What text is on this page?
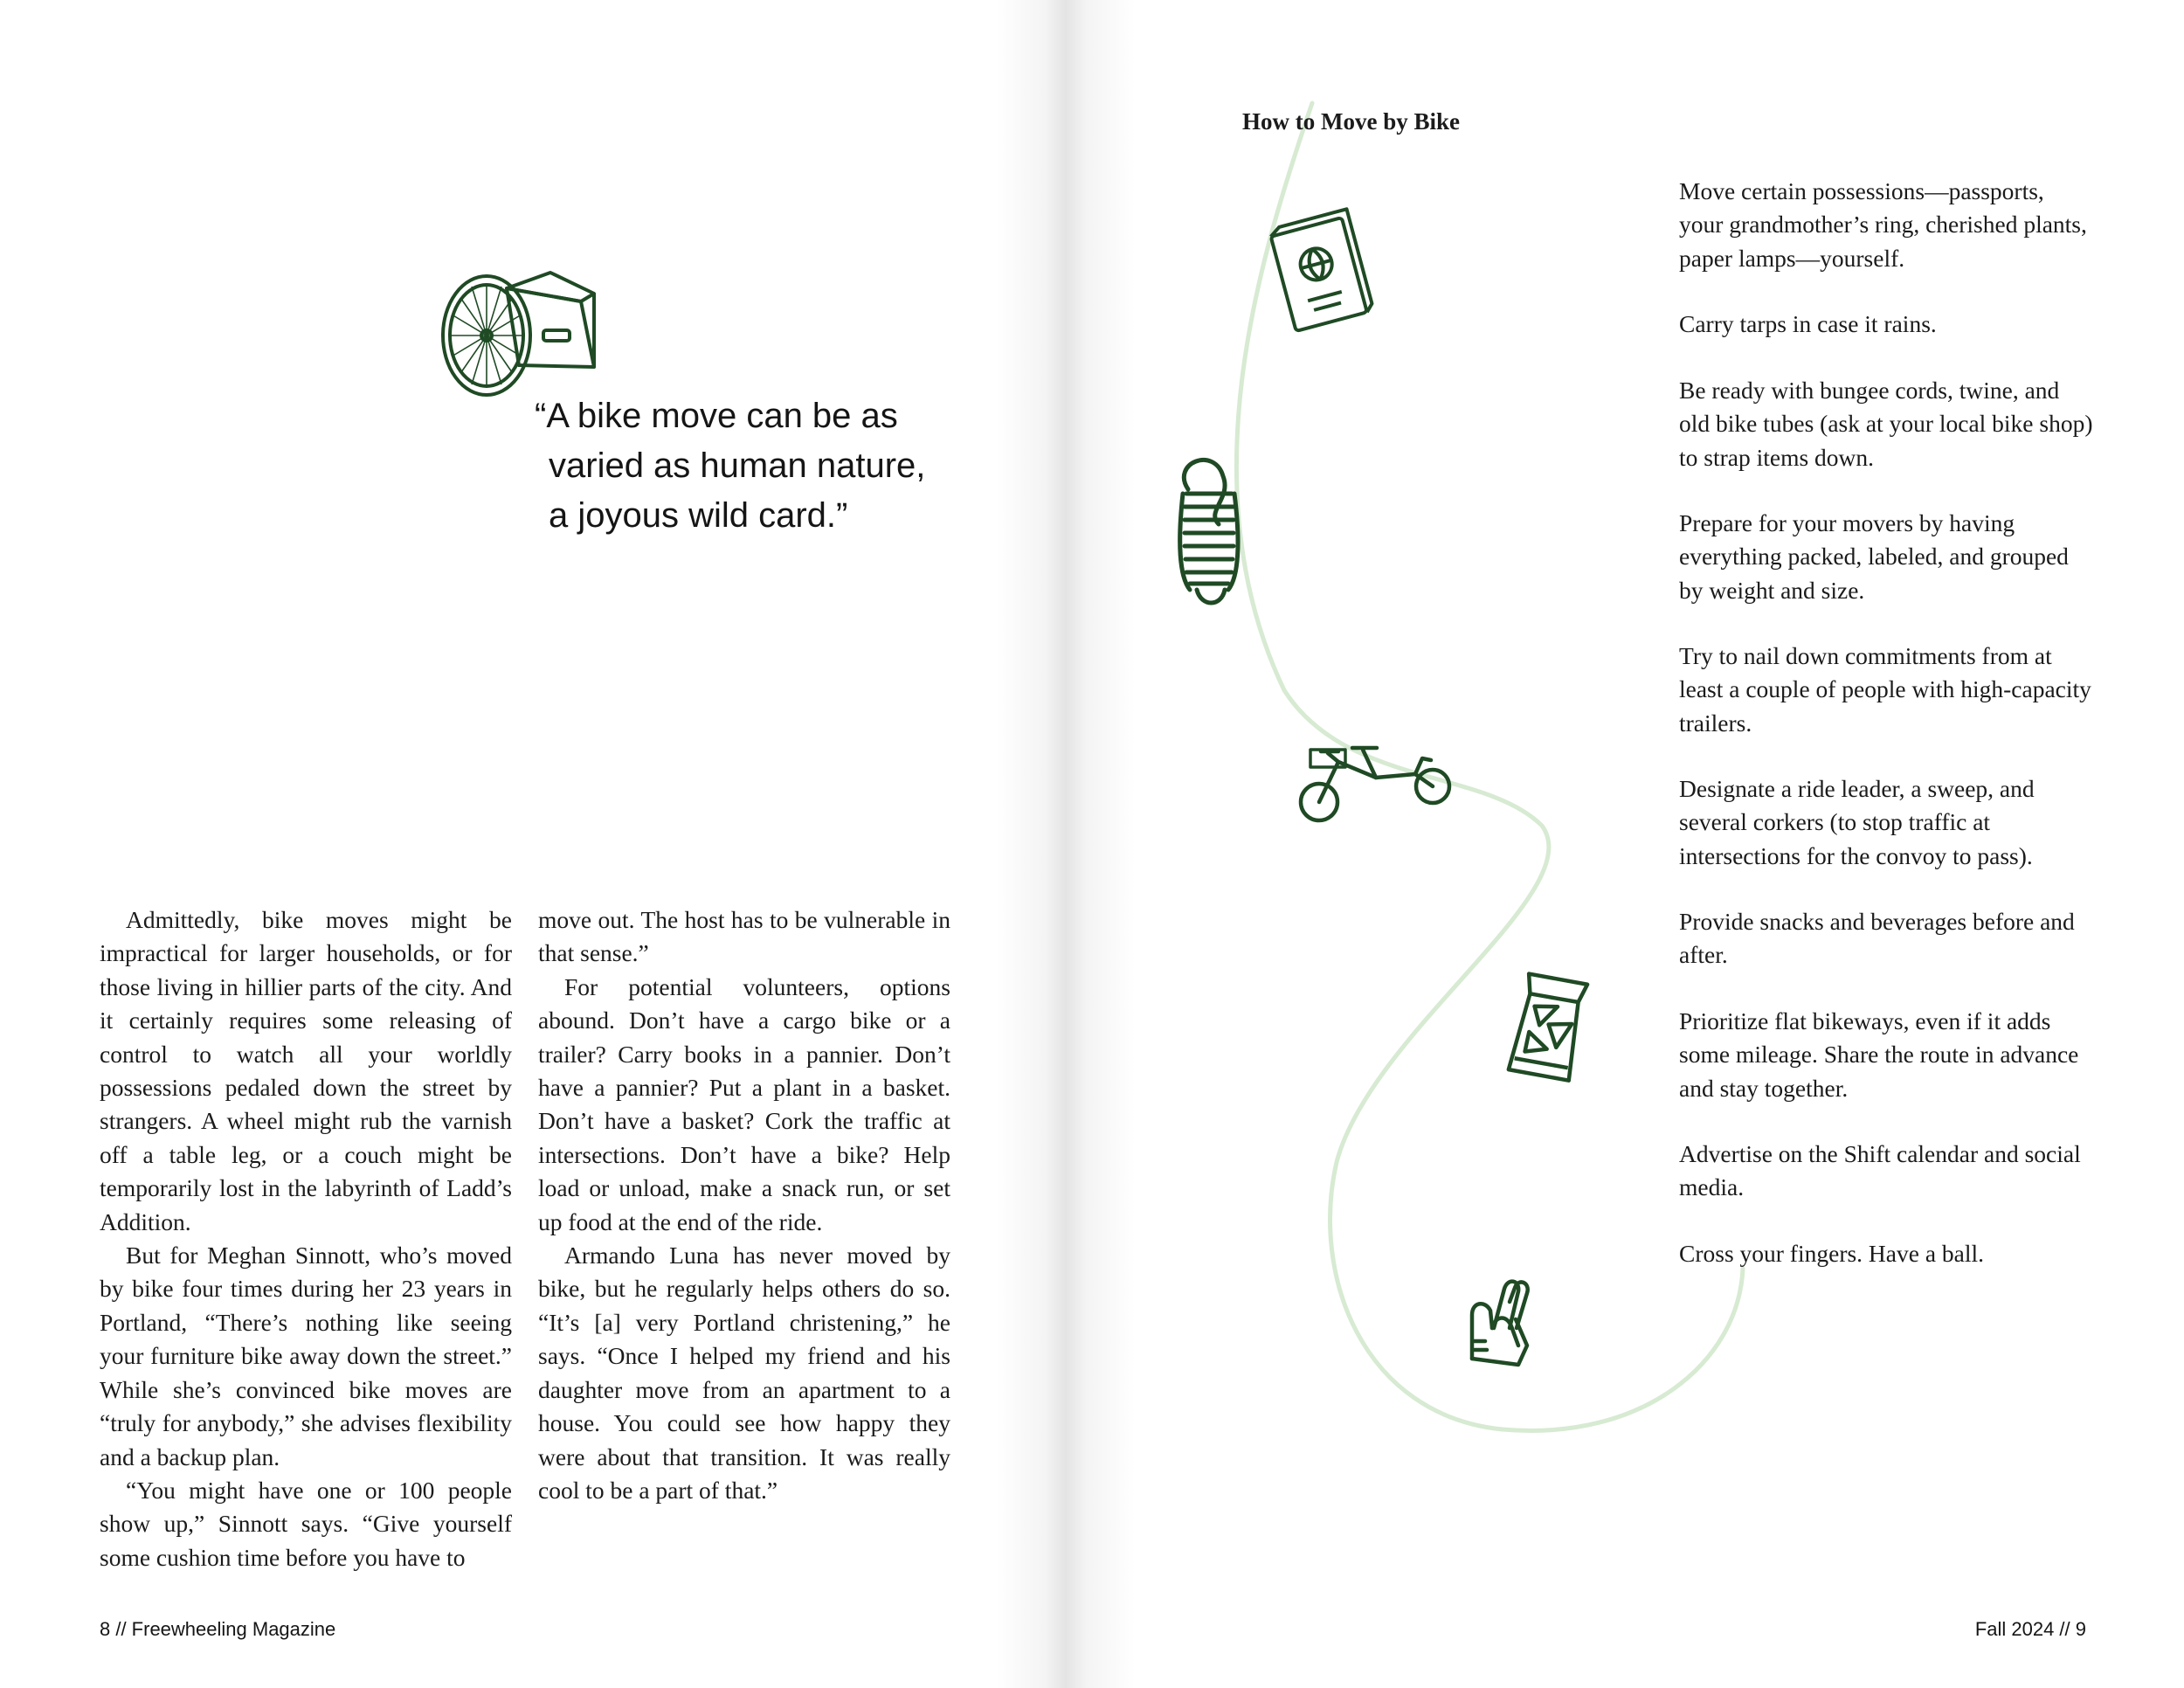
“A bike move can be as
varied as human nature,
a joyous wild card.”

Admittedly, bike moves might be impractical for larger households, or for those living in hillier parts of the city. And it certainly requires some releasing of control to watch all your worldly possessions pedaled down the street by strangers. A wheel might rub the varnish off a table leg, or a couch might be temporarily lost in the labyrinth of Ladd’s Addition.

But for Meghan Sinnott, who’s moved by bike four times during her 23 years in Portland, “There’s nothing like seeing your furniture bike away down the street.” While she’s convinced bike moves are “truly for anybody,” she advises flexibility and a backup plan.

“You might have one or 100 people show up,” Sinnott says. “Give yourself some cushion time before you have to

move out. The host has to be vulnerable in that sense.”

For potential volunteers, options abound. Don’t have a cargo bike or a trailer? Carry books in a pannier. Don’t have a pannier? Put a plant in a basket. Don’t have a basket? Cork the traffic at intersections. Don’t have a bike? Help load or unload, make a snack run, or set up food at the end of the ride.

Armando Luna has never moved by bike, but he regularly helps others do so. “It’s [a] very Portland christening,” he says. “Once I helped my friend and his daughter move from an apartment to a house. You could see how happy they were about that transition. It was really cool to be a part of that.”

8 // Freewheeling Magazine
How to Move by Bike
Move certain possessions—passports, your grandmother’s ring, cherished plants, paper lamps—yourself.
Carry tarps in case it rains.
Be ready with bungee cords, twine, and old bike tubes (ask at your local bike shop) to strap items down.
Prepare for your movers by having everything packed, labeled, and grouped by weight and size.
Try to nail down commitments from at least a couple of people with high-capacity trailers.
Designate a ride leader, a sweep, and several corkers (to stop traffic at intersections for the convoy to pass).
Provide snacks and beverages before and after.
Prioritize flat bikeways, even if it adds some mileage. Share the route in advance and stay together.
Advertise on the Shift calendar and social media.
Cross your fingers. Have a ball.
Fall 2024 // 9
